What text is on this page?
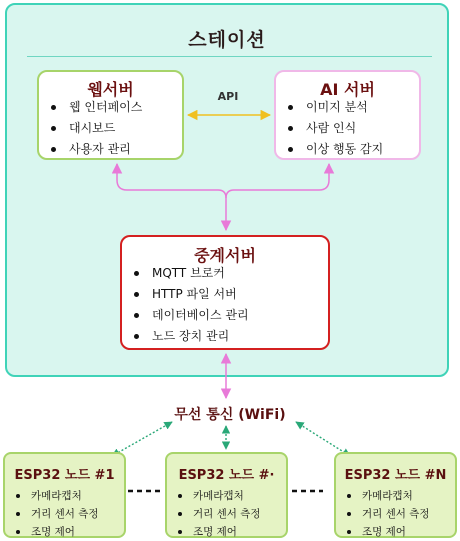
스테이션
API
웹서버
웹 인터페이스
대시보드
사용자 관리
AI 서버
이미지 분석
사람 인식
이상 행동 감지
중계서버
MQTT 브로커
HTTP 파일 서버
데이터베이스 관리
노드 장치 관리
무선 통신 (WiFi)
ESP32 노드 #1
카메라캡처
거리 센서 측정
조명 제어
ESP32 노드 #·
카메라캡처
거리 센서 측정
조명 제어
ESP32 노드 #N
카메라캡처
거리 센서 측정
조명 제어
